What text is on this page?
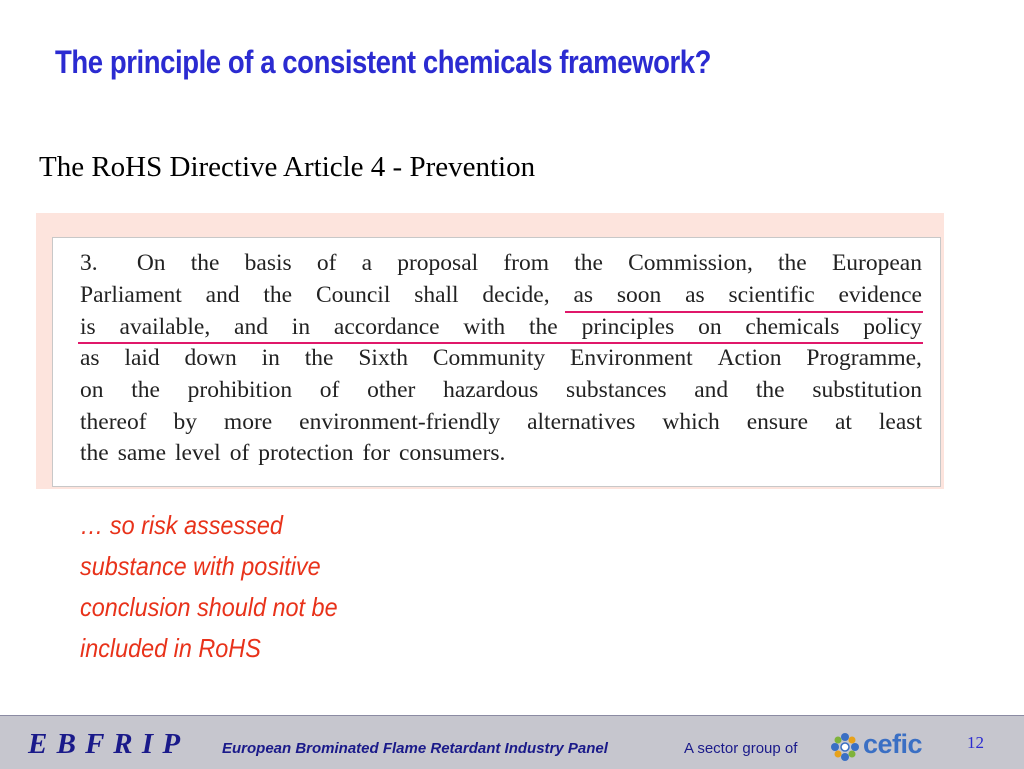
The principle of a consistent chemicals framework?
The RoHS Directive Article 4 - Prevention
3. On the basis of a proposal from the Commission, the European
Parliament and the Council shall decide, as soon as scientific evidence
is available, and in accordance with the principles on chemicals policy
as laid down in the Sixth Community Environment Action Programme,
on the prohibition of other hazardous substances and the substitution
thereof by more environment-friendly alternatives which ensure at least
the same level of protection for consumers.
… so risk assessed
substance with positive
conclusion should not be
included in RoHS
E B F R I P	European Brominated Flame Retardant Industry Panel	A sector group of cefic	12
